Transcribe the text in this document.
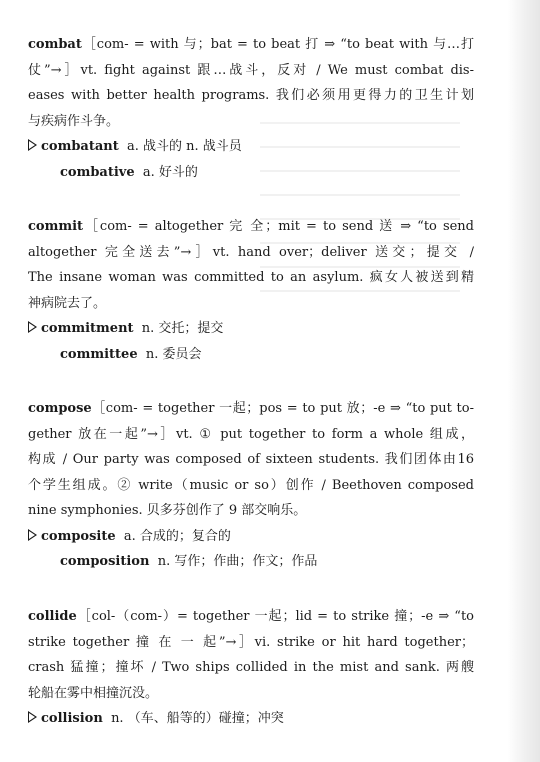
combat［com- = with 与；bat = to beat 打 ⇒ “to beat with 与…打
仗”→］vt. fight against 跟…战斗，反对 / We must combat dis-
eases with better health programs. 我们必须用更得力的卫生计划
与疾病作斗争。
combatant a. 战斗的 n. 战斗员
combative a. 好斗的
commit［com- = altogether 完 全；mit = to send 送 ⇒ “to send
altogether 完全送去”→］vt. hand over；deliver 送交；提交 /
The insane woman was committed to an asylum. 疯女人被送到精
神病院去了。
commitment n. 交托；提交
committee n. 委员会
compose［com- = together 一起；pos = to put 放；-e ⇒ “to put to-
gether 放在一起”→］vt. ① put together to form a whole 组成，
构成 / Our party was composed of sixteen students. 我们团体由16
个学生组成。② write（music or so）创作 / Beethoven composed
nine symphonies. 贝多芬创作了 9 部交响乐。
composite a. 合成的；复合的
composition n. 写作；作曲；作文；作品
collide［col-（com-）= together 一起；lid = to strike 撞；-e ⇒ “to
strike together 撞 在 一 起”→］vi. strike or hit hard together；
crash 猛撞；撞坏 / Two ships collided in the mist and sank. 两艘
轮船在雾中相撞沉没。
collision n. （车、船等的）碰撞；冲突
